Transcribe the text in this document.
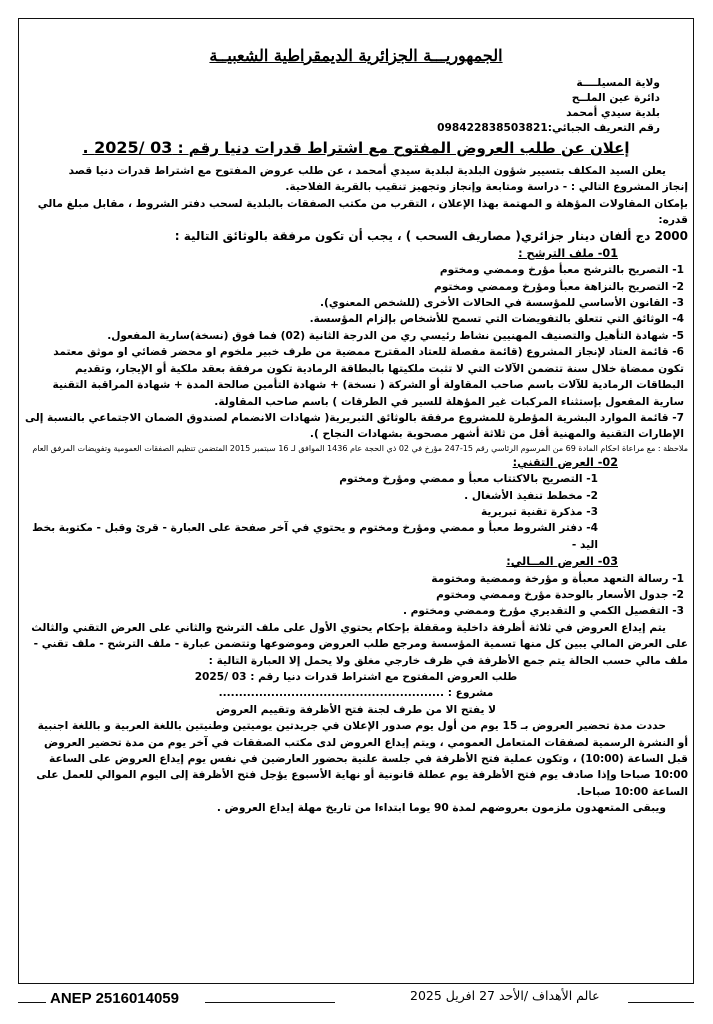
الجمهوريـــة الجزائرية الديمقراطية الشعبيــة
ولاية المسيلــــة
دائرة عين الملــح
بلدية سيدي أمحمد
رقم التعريف الجبائي:098422838503821
إعلان عن طلب العروض المفتوح مع اشتراط قدرات دنيا رقم : 03 /2025 .

يعلن السيد المكلف بتسيير شؤون البلدية لبلدية سيدي أمحمد ، عن طلب عروض المفتوح مع اشتراط قدرات دنيا قصد

إنجاز المشروع التالي : - دراسة ومتابعة وإنجاز وتجهيز تنقيب بالقرية الفلاحية.

بإمكان المقاولات المؤهلة و المهتمة بهذا الإعلان ، التقرب من مكتب الصفقات بالبلدية لسحب دفتر الشروط ، مقابل مبلغ مالي قدره:

2000 دج ألفان دينار جزائري( مصاريف السحب ) ، يجب أن تكون مرفقة بالوثائق التالية :

01- ملف الترشح :

1- التصريح بالترشح معبأ مؤرخ وممضي ومختوم

2- التصريح بالنزاهة معبأ ومؤرخ وممضي ومختوم

3- القانون الأساسي للمؤسسة في الحالات الأخرى (للشخص المعنوي).

4- الوثائق التي تتعلق بالتفويضات التي تسمح للأشخاص بإلزام المؤسسة.

5- شهادة التأهيل والتصنيف المهنيين نشاط رئيسي ري من الدرجة الثانية (02) فما فوق (نسخة)سارية المفعول.

6- قائمة العتاد لإنجاز المشروع (قائمة مفصلة للعتاد المقترح ممضية من طرف خبير ملخوم او محضر قضائي او موثق معتمد تكون ممضاة خلال سنة تتضمن الآلات التي لا تثبت ملكيتها بالبطاقة الرمادية تكون مرفقة بعقد ملكية أو الإيجار، وتقديم البطاقات الرمادية للآلات باسم صاحب المقاولة أو الشركة ( نسخة) + شهادة التأمين صالحة المدة + شهادة المراقبة التقنية سارية المفعول بإستثناء المركبات غير المؤهلة للسير في الطرقات ) باسم صاحب المقاولة.

7- قائمة الموارد البشرية المؤطرة للمشروع مرفقة بالوثائق التبريرية( شهادات الانضمام لصندوق الضمان الاجتماعي بالنسبة إلى الإطارات التقنية والمهنية أقل من ثلاثة أشهر مصحوبة بشهادات النجاح ).

ملاحظة : مع مراعاة احكام المادة 69 من المرسوم الرئاسي رقم 15-247 مؤرخ في 02 ذي الحجة عام 1436 الموافق لـ 16 سبتمبر 2015 المتضمن تنظيم الصفقات العمومية وتفويضات المرفق العام

02- العرض التقني:

1- التصريح بالاكتتاب معبأ و ممضي ومؤرخ ومختوم

2- مخطط تنفيذ الأشغال .

3- مذكرة تقنية تبريرية

4- دفتر الشروط معبأ و ممضي ومؤرخ ومختوم و يحتوي في آخر صفحة على العبارة - قرئ وقبل - مكتوبة بخط اليد -

03- العرض المــالي:

1- رسالة التعهد معبأة و مؤرخة وممضية ومختومة

2- جدول الأسعار بالوحدة مؤرخ وممضي ومختوم

3- التفصيل الكمي و التقديري مؤرخ وممضي ومختوم .

يتم إيداع العروض في ثلاثة أظرفة داخلية ومقفلة بإحكام يحتوي الأول على ملف الترشح والثاني على العرض التقني والثالث على العرض المالي يبين كل منها تسمية المؤسسة ومرجع طلب العروض وموضوعها وتتضمن عبارة - ملف الترشح - ملف تقني - ملف مالي حسب الحالة يتم جمع الأظرفة في ظرف خارجي مغلق ولا يحمل إلا العبارة التالية :

طلب العروض المفتوح مع اشتراط قدرات دنيا رقم : 03 /2025

مشروع : ........................................................

لا يفتح الا من طرف لجنة فتح الأظرفة وتقييم العروض

حددت مدة تحضير العروض بـ 15 يوم من أول يوم صدور الإعلان في جريدتين يوميتين وطنيتين باللغة العربية و باللغة اجنبية أو النشرة الرسمية لصفقات المتعامل العمومي ، ويتم إيداع العروض لدى مكتب الصفقات في آخر يوم من مدة تحضير العروض قبل الساعة (10:00) ، وتكون عملية فتح الأظرفة في جلسة علنية بحضور العارضين في نفس يوم إيداع العروض على الساعة 10:00 صباحا وإذا صادف يوم فتح الأظرفة يوم عطلة قانونية أو نهاية الأسبوع يؤجل فتح الأظرفة إلى اليوم الموالي للعمل على الساعة 10:00 صباحا.

ويبقى المتعهدون ملزمون بعروضهم لمدة 90 يوما ابتداءا من تاريخ مهلة إيداع العروض .

ANEP 2516014059	عالم الأهداف /الأحد 27 افريل 2025
